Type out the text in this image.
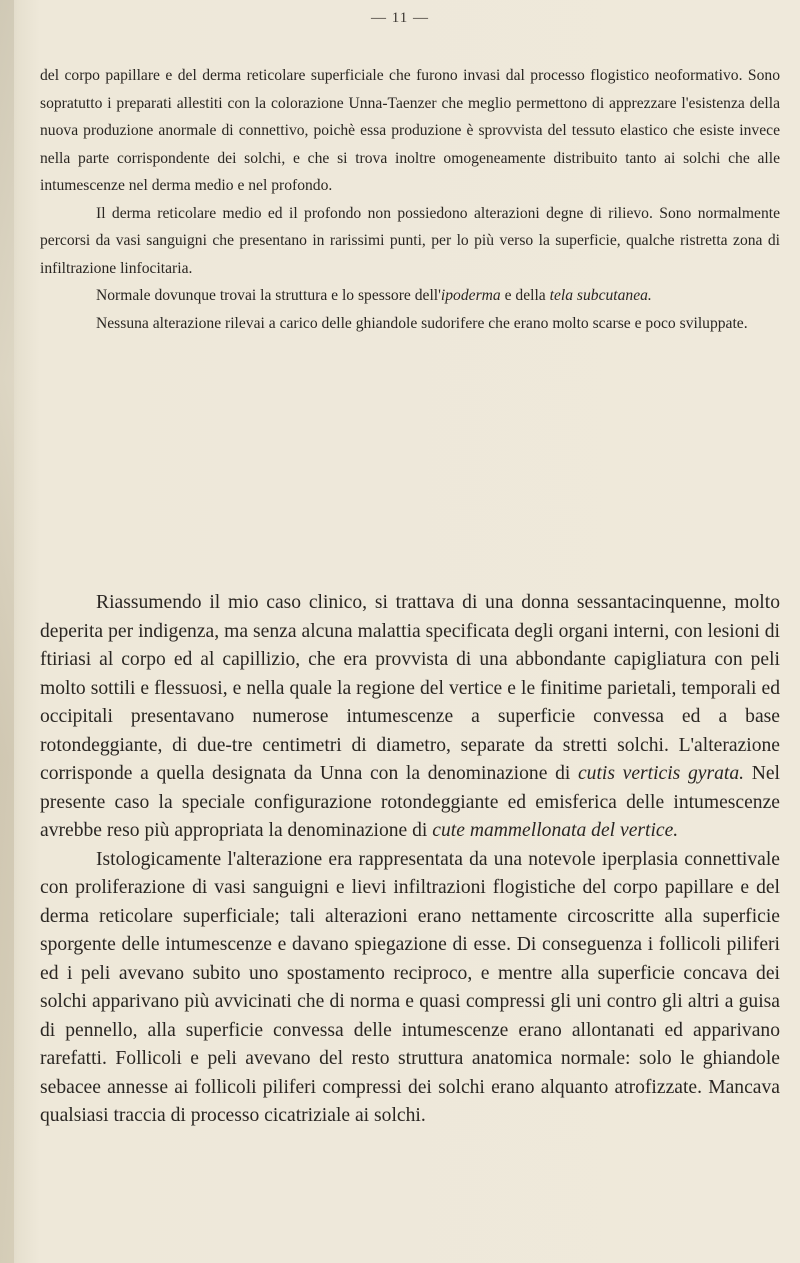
— 11 —

del corpo papillare e del derma reticolare superficiale che furono invasi dal processo flogistico neoformativo. Sono sopratutto i preparati allestiti con la colorazione Unna-Taenzer che meglio permettono di apprezzare l'esistenza della nuova produzione anormale di connettivo, poichè essa produzione è sprovvista del tessuto elastico che esiste invece nella parte corrispondente dei solchi, e che si trova inoltre omogeneamente distribuito tanto ai solchi che alle intumescenze nel derma medio e nel profondo.

Il derma reticolare medio ed il profondo non possiedono alterazioni degne di rilievo. Sono normalmente percorsi da vasi sanguigni che presentano in rarissimi punti, per lo più verso la superficie, qualche ristretta zona di infiltrazione linfocitaria.

Normale dovunque trovai la struttura e lo spessore dell'ipoderma e della tela subcutanea.

Nessuna alterazione rilevai a carico delle ghiandole sudorifere che erano molto scarse e poco sviluppate.

Riassumendo il mio caso clinico, si trattava di una donna sessantacinquenne, molto deperita per indigenza, ma senza alcuna malattia specificata degli organi interni, con lesioni di ftiriasi al corpo ed al capillizio, che era provvista di una abbondante capigliatura con peli molto sottili e flessuosi, e nella quale la regione del vertice e le finitime parietali, temporali ed occipitali presentavano numerose intumescenze a superficie convessa ed a base rotondeggiante, di due-tre centimetri di diametro, separate da stretti solchi. L'alterazione corrisponde a quella designata da Unna con la denominazione di cutis verticis gyrata. Nel presente caso la speciale configurazione rotondeggiante ed emisferica delle intumescenze avrebbe reso più appropriata la denominazione di cute mammellonata del vertice.

Istologicamente l'alterazione era rappresentata da una notevole iperplasia connettivale con proliferazione di vasi sanguigni e lievi infiltrazioni flogistiche del corpo papillare e del derma reticolare superficiale; tali alterazioni erano nettamente circoscritte alla superficie sporgente delle intumescenze e davano spiegazione di esse. Di conseguenza i follicoli piliferi ed i peli avevano subito uno spostamento reciproco, e mentre alla superficie concava dei solchi apparivano più avvicinati che di norma e quasi compressi gli uni contro gli altri a guisa di pennello, alla superficie convessa delle intumescenze erano allontanati ed apparivano rarefatti. Follicoli e peli avevano del resto struttura anatomica normale: solo le ghiandole sebacee annesse ai follicoli piliferi compressi dei solchi erano alquanto atrofizzate. Mancava qualsiasi traccia di processo cicatriziale ai solchi.
